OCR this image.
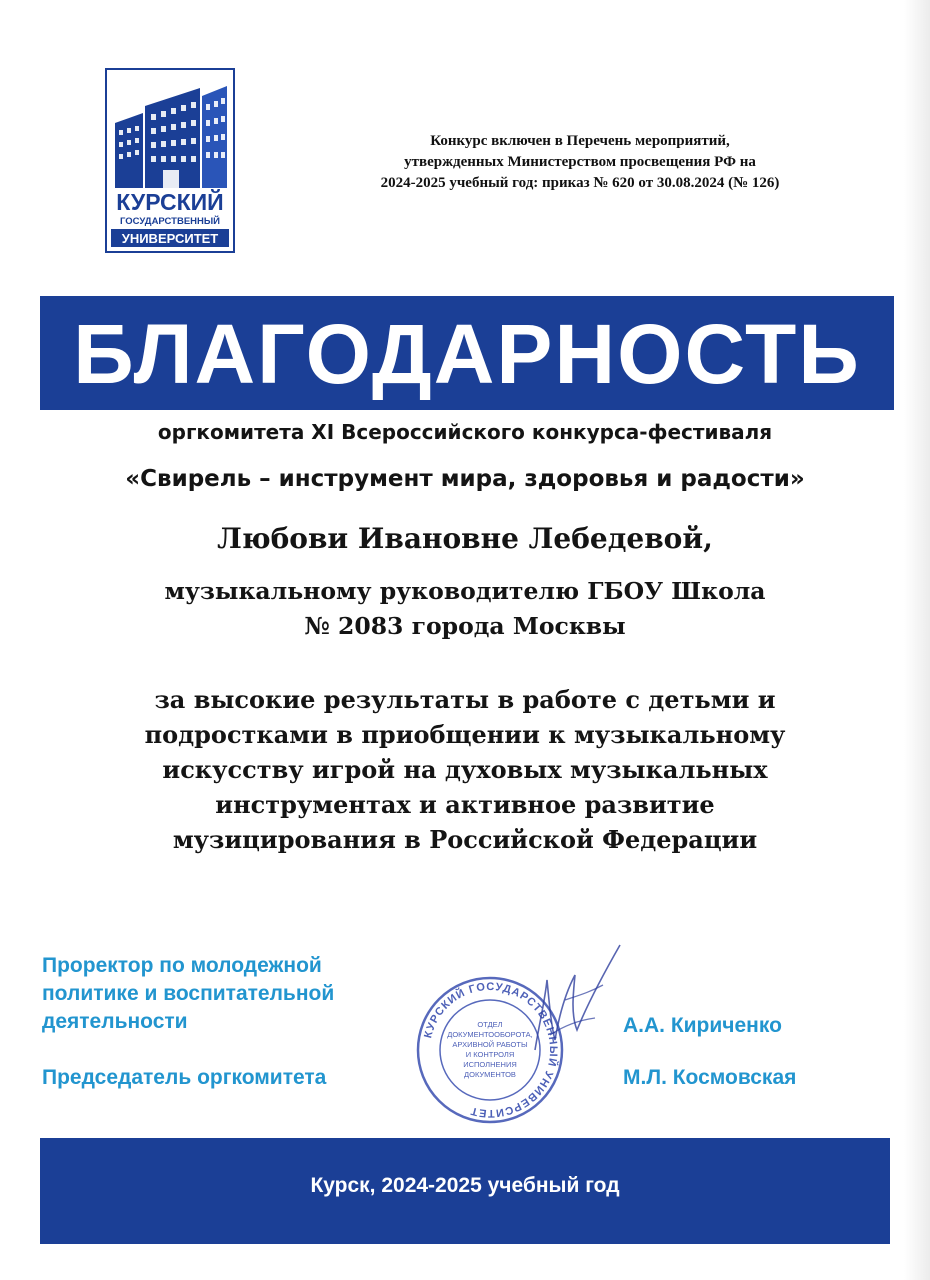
КУРСКИЙ
ГОСУДАРСТВЕННЫЙ
УНИВЕРСИТЕТ
Конкурс включен в Перечень мероприятий,
утвержденных Министерством просвещения РФ на
2024-2025 учебный год: приказ № 620 от 30.08.2024 (№ 126)
БЛАГОДАРНОСТЬ
оргкомитета XI Всероссийского конкурса-фестиваля
«Свирель – инструмент мира, здоровья и радости»
Любови Ивановне Лебедевой,
музыкальному руководителю ГБОУ Школа
№ 2083 города Москвы
за высокие результаты в работе с детьми и
подростками в приобщении к музыкальному
искусству игрой на духовых музыкальных
инструментах и активное развитие
музицирования в Российской Федерации
Проректор по молодежной
политике и воспитательной
деятельности
Председатель оргкомитета
А.А. Кириченко
М.Л. Космовская
КУРСКИЙ ГОСУДАРСТВЕННЫЙ УНИВЕРСИТЕТ
ОТДЕЛ
ДОКУМЕНТООБОРОТА,
АРХИВНОЙ РАБОТЫ
И КОНТРОЛЯ
ИСПОЛНЕНИЯ
ДОКУМЕНТОВ
Курск, 2024-2025 учебный год
